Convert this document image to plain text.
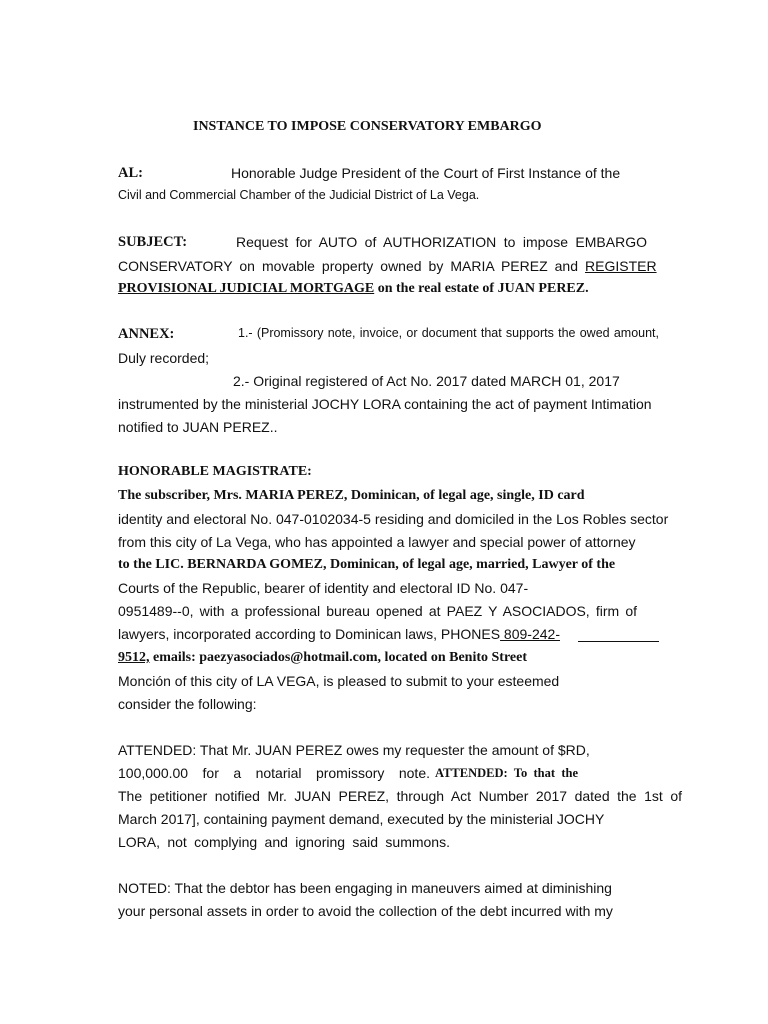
INSTANCE TO IMPOSE CONSERVATORY EMBARGO
AL:	Honorable Judge President of the Court of First Instance of the
Civil and Commercial Chamber of the Judicial District of La Vega.
SUBJECT:	Request for AUTO of AUTHORIZATION to impose EMBARGO
CONSERVATORY on movable property owned by MARIA PEREZ and REGISTER
PROVISIONAL JUDICIAL MORTGAGE on the real estate of JUAN PEREZ.
ANNEX:	1.- (Promissory note, invoice, or document that supports the owed amount,
Duly recorded;
2.- Original registered of Act No. 2017 dated MARCH 01, 2017
instrumented by the ministerial JOCHY LORA containing the act of payment Intimation
notified to JUAN PEREZ..
HONORABLE MAGISTRATE:
The subscriber, Mrs. MARIA PEREZ, Dominican, of legal age, single, ID card
identity and electoral No. 047-0102034-5 residing and domiciled in the Los Robles sector
from this city of La Vega, who has appointed a lawyer and special power of attorney
to the LIC. BERNARDA GOMEZ, Dominican, of legal age, married, Lawyer of the
Courts of the Republic, bearer of identity and electoral ID No. 047-
0951489--0, with a professional bureau opened at PAEZ Y ASOCIADOS, firm of
lawyers, incorporated according to Dominican laws, PHONES 809-242-
9512, emails: paezyasociados@hotmail.com, located on Benito Street
Monción of this city of LA VEGA, is pleased to submit to your esteemed
consider the following:
ATTENDED: That Mr. JUAN PEREZ owes my requester the amount of $RD,
100,000.00 for a notarial promissory note. ATTENDED: To that the
The petitioner notified Mr. JUAN PEREZ, through Act Number 2017 dated the 1st of
March 2017], containing payment demand, executed by the ministerial JOCHY
LORA, not complying and ignoring said summons.
NOTED: That the debtor has been engaging in maneuvers aimed at diminishing
your personal assets in order to avoid the collection of the debt incurred with my
